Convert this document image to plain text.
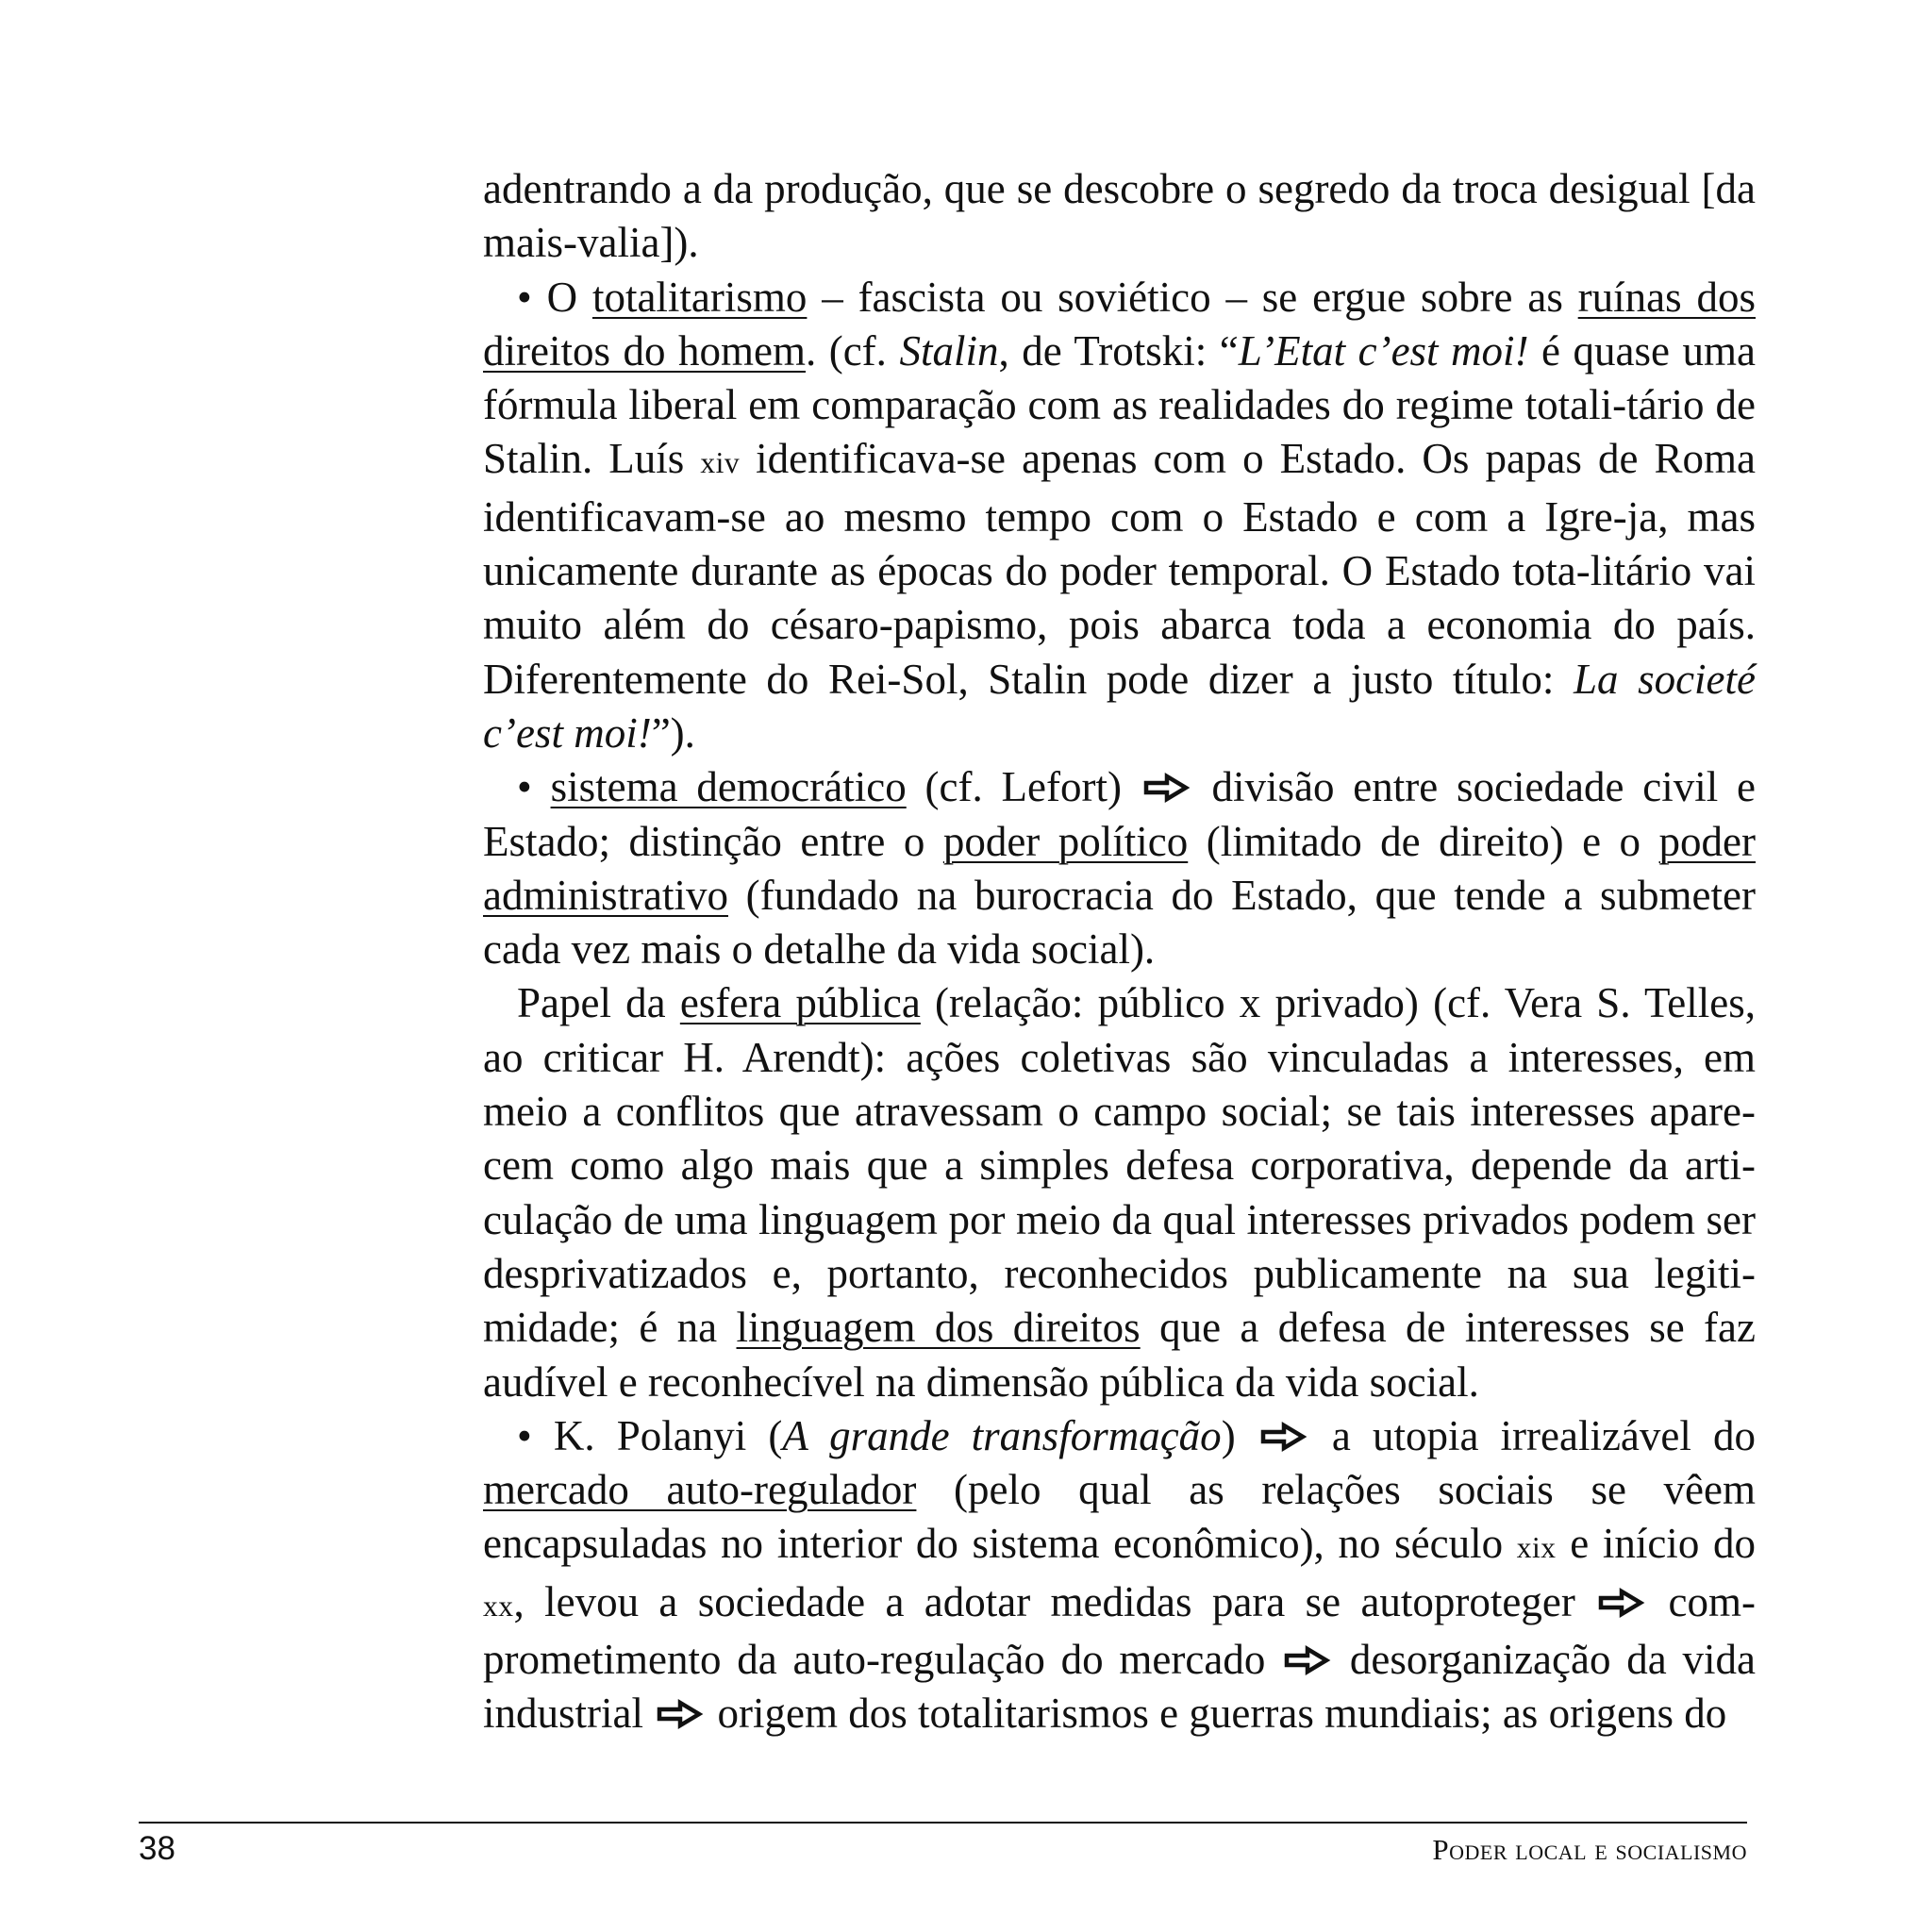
adentrando a da produção, que se descobre o segredo da troca desigual [da mais-valia]).

• O totalitarismo – fascista ou soviético – se ergue sobre as ruínas dos direitos do homem. (cf. Stalin, de Trotski: “L’Etat c’est moi! é quase uma fórmula liberal em comparação com as realidades do regime totali-tário de Stalin. Luís xiv identificava-se apenas com o Estado. Os papas de Roma identificavam-se ao mesmo tempo com o Estado e com a Igre-ja, mas unicamente durante as épocas do poder temporal. O Estado tota-litário vai muito além do césaro-papismo, pois abarca toda a economia do país. Diferentemente do Rei-Sol, Stalin pode dizer a justo título: La societé c’est moi!”).

• sistema democrático (cf. Lefort)
divisão entre sociedade civil e Estado; distinção entre o poder político (limitado de direito) e o poder administrativo (fundado na burocracia do Estado, que tende a submeter cada vez mais o detalhe da vida social).

Papel da esfera pública (relação: público x privado) (cf. Vera S. Telles, ao criticar H. Arendt): ações coletivas são vinculadas a interesses, em meio a conflitos que atravessam o campo social; se tais interesses apare-cem como algo mais que a simples defesa corporativa, depende da arti-culação de uma linguagem por meio da qual interesses privados podem ser desprivatizados e, portanto, reconhecidos publicamente na sua legiti-midade; é na linguagem dos direitos que a defesa de interesses se faz audível e reconhecível na dimensão pública da vida social.

• K. Polanyi (A grande transformação)
a utopia irrealizável do mercado auto-regulador (pelo qual as relações sociais se vêem encapsuladas no interior do sistema econômico), no século xix e início do xx, levou a sociedade a adotar medidas para se autoproteger
com-prometimento da auto-regulação do mercado
desorganização da vida industrial
origem dos totalitarismos e guerras mundiais; as origens do

38	Poder local e socialismo
